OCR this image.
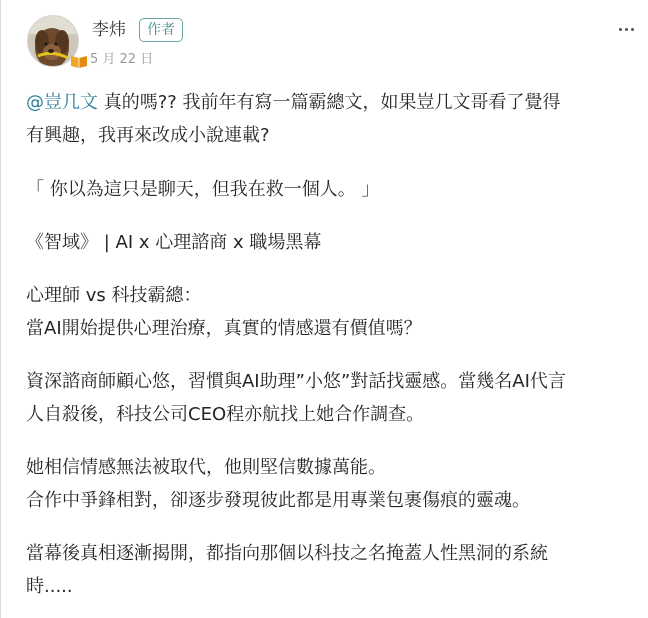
李炜	作者
5 月 22 日

@豈几文 真的嗎?? 我前年有寫一篇霸總文，如果豈几文哥看了覺得

有興趣，我再來改成小說連載?

「 你以為這只是聊天，但我在救一個人。 」

《智域》 | AI x 心理諮商 x 職場黑幕

心理師 vs 科技霸總：

當AI開始提供心理治療，真實的情感還有價值嗎？

資深諮商師顧心悠，習慣與AI助理”小悠”對話找靈感。當幾名AI代言

人自殺後，科技公司CEO程亦航找上她合作調查。

她相信情感無法被取代，他則堅信數據萬能。

合作中爭鋒相對，卻逐步發現彼此都是用專業包裹傷痕的靈魂。

當幕後真相逐漸揭開，都指向那個以科技之名掩蓋人性黑洞的系統

時.....
